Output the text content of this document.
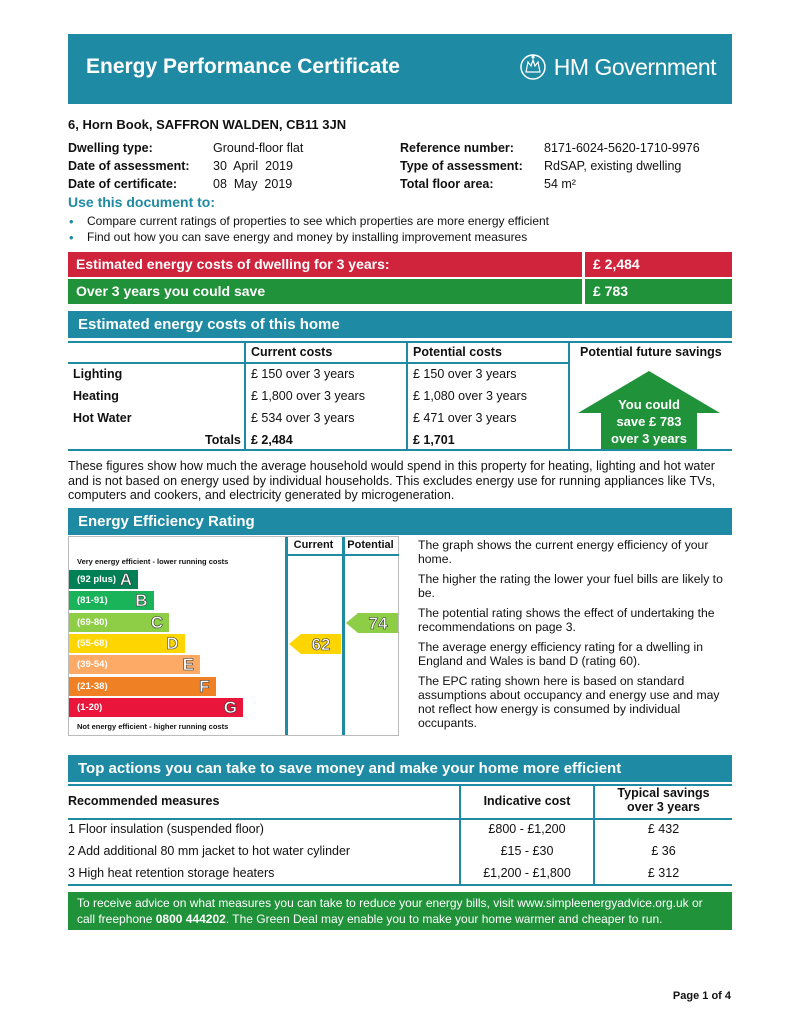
Energy Performance Certificate	HM Government
6, Horn Book, SAFFRON WALDEN, CB11 3JN
Dwelling type:	Ground-floor flat
Date of assessment:	30  April  2019
Date of certificate:	08  May  2019
Reference number:	8171-6024-5620-1710-9976
Type of assessment:	RdSAP, existing dwelling
Total floor area:	54 m²
Use this document to:
• Compare current ratings of properties to see which properties are more energy efficient
• Find out how you can save energy and money by installing improvement measures
Estimated energy costs of dwelling for 3 years:	£ 2,484
Over 3 years you could save	£ 783
Estimated energy costs of this home
Current costs	Potential costs	Potential future savings
Lighting	£ 150 over 3 years	£ 150 over 3 years
Heating	£ 1,800 over 3 years	£ 1,080 over 3 years
Hot Water	£ 534 over 3 years	£ 471 over 3 years
Totals £ 2,484	£ 1,701
You could
save £ 783
over 3 years
These figures show how much the average household would spend in this property for heating, lighting and hot water and is not based on energy used by individual households. This excludes energy use for running appliances like TVs, computers and cookers, and electricity generated by microgeneration.
Energy Efficiency Rating
Very energy efficient - lower running costs
(92 plus) A
(81-91) B
(69-80)	C
(55-68)	D
(39-54)	E
(21-38)	F
(1-20)	G
Not energy efficient - higher running costs
Current	Potential
62
74

The graph shows the current energy efficiency of your home.

The higher the rating the lower your fuel bills are likely to be.

The potential rating shows the effect of undertaking the recommendations on page 3.

The average energy efficiency rating for a dwelling in England and Wales is band D (rating 60).

The EPC rating shown here is based on standard assumptions about occupancy and energy use and may not reflect how energy is consumed by individual occupants.

Top actions you can take to save money and make your home more efficient
Recommended measures	Indicative cost
Typical savings
over 3 years
1 Floor insulation (suspended floor)	£800 - £1,200	£ 432
2 Add additional 80 mm jacket to hot water cylinder	£15 - £30	£ 36
3 High heat retention storage heaters	£1,200 - £1,800	£ 312
To receive advice on what measures you can take to reduce your energy bills, visit www.simpleenergyadvice.org.uk or
call freephone 0800 444202. The Green Deal may enable you to make your home warmer and cheaper to run.
Page 1 of 4
